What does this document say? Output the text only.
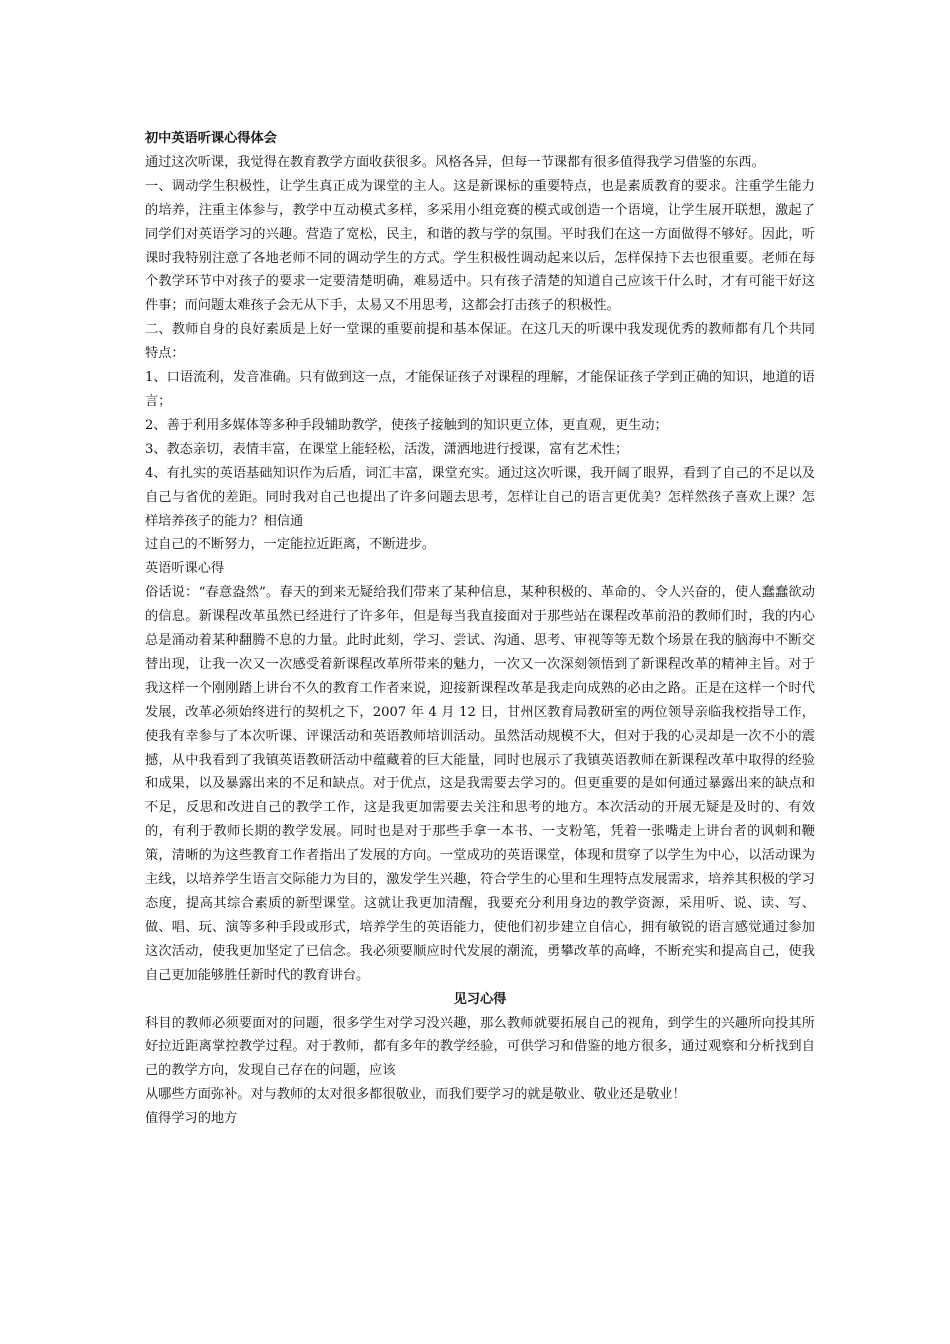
初中英语听课心得体会

通过这次听课，我觉得在教育教学方面收获很多。风格各异，但每一节课都有很多值得我学习借鉴的东西。

一、调动学生积极性，让学生真正成为课堂的主人。这是新课标的重要特点，也是素质教育的要求。注重学生能力的培养，注重主体参与，教学中互动模式多样，多采用小组竞赛的模式或创造一个语境，让学生展开联想，激起了同学们对英语学习的兴趣。营造了宽松，民主，和谐的教与学的氛围。平时我们在这一方面做得不够好。因此，听课时我特别注意了各地老师不同的调动学生的方式。学生积极性调动起来以后，怎样保持下去也很重要。老师在每个教学环节中对孩子的要求一定要清楚明确，难易适中。只有孩子清楚的知道自己应该干什么时，才有可能干好这件事；而问题太难孩子会无从下手，太易又不用思考，这都会打击孩子的积极性。

二、教师自身的良好素质是上好一堂课的重要前提和基本保证。在这几天的听课中我发现优秀的教师都有几个共同特点：

1、口语流利，发音准确。只有做到这一点，才能保证孩子对课程的理解，才能保证孩子学到正确的知识，地道的语言；

2、善于利用多媒体等多种手段辅助教学，使孩子接触到的知识更立体，更直观，更生动；

3、教态亲切，表情丰富，在课堂上能轻松，活泼，潇洒地进行授课，富有艺术性；

4、有扎实的英语基础知识作为后盾，词汇丰富，课堂充实。通过这次听课，我开阔了眼界，看到了自己的不足以及自己与省优的差距。同时我对自己也提出了许多问题去思考，怎样让自己的语言更优美？怎样然孩子喜欢上课？怎样培养孩子的能力？相信通

过自己的不断努力，一定能拉近距离，不断进步。

英语听课心得

俗话说：“春意盎然”。春天的到来无疑给我们带来了某种信息，某种积极的、革命的、令人兴奋的，使人蠢蠢欲动的信息。新课程改革虽然已经进行了许多年，但是每当我直接面对于那些站在课程改革前沿的教师们时，我的内心总是涌动着某种翻腾不息的力量。此时此刻，学习、尝试、沟通、思考、审视等等无数个场景在我的脑海中不断交替出现，让我一次又一次感受着新课程改革所带来的魅力，一次又一次深刻领悟到了新课程改革的精神主旨。对于我这样一个刚刚踏上讲台不久的教育工作者来说，迎接新课程改革是我走向成熟的必由之路。正是在这样一个时代发展，改革必须始终进行的契机之下，2007 年 4 月 12 日，甘州区教育局教研室的两位领导亲临我校指导工作，使我有幸参与了本次听课、评课活动和英语教师培训活动。虽然活动规模不大，但对于我的心灵却是一次不小的震撼，从中我看到了我镇英语教研活动中蕴藏着的巨大能量，同时也展示了我镇英语教师在新课程改革中取得的经验和成果，以及暴露出来的不足和缺点。对于优点，这是我需要去学习的。但更重要的是如何通过暴露出来的缺点和不足，反思和改进自己的教学工作，这是我更加需要去关注和思考的地方。本次活动的开展无疑是及时的、有效的，有利于教师长期的教学发展。同时也是对于那些手拿一本书、一支粉笔，凭着一张嘴走上讲台者的讽刺和鞭策，清晰的为这些教育工作者指出了发展的方向。一堂成功的英语课堂，体现和贯穿了以学生为中心，以活动课为主线，以培养学生语言交际能力为目的，激发学生兴趣，符合学生的心里和生理特点发展需求，培养其积极的学习态度，提高其综合素质的新型课堂。这就让我更加清醒，我要充分利用身边的教学资源，采用听、说、读、写、做、唱、玩、演等多种手段或形式，培养学生的英语能力，使他们初步建立自信心，拥有敏锐的语言感觉通过参加这次活动，使我更加坚定了已信念。我必须要顺应时代发展的潮流，勇攀改革的高峰，不断充实和提高自己，使我自己更加能够胜任新时代的教育讲台。

见习心得

科目的教师必须要面对的问题，很多学生对学习没兴趣，那么教师就要拓展自己的视角，到学生的兴趣所向投其所好拉近距离掌控教学过程。对于教师，都有多年的教学经验，可供学习和借鉴的地方很多，通过观察和分析找到自己的教学方向，发现自己存在的问题，应该

从哪些方面弥补。对与教师的太对很多都很敬业，而我们要学习的就是敬业、敬业还是敬业！

值得学习的地方
